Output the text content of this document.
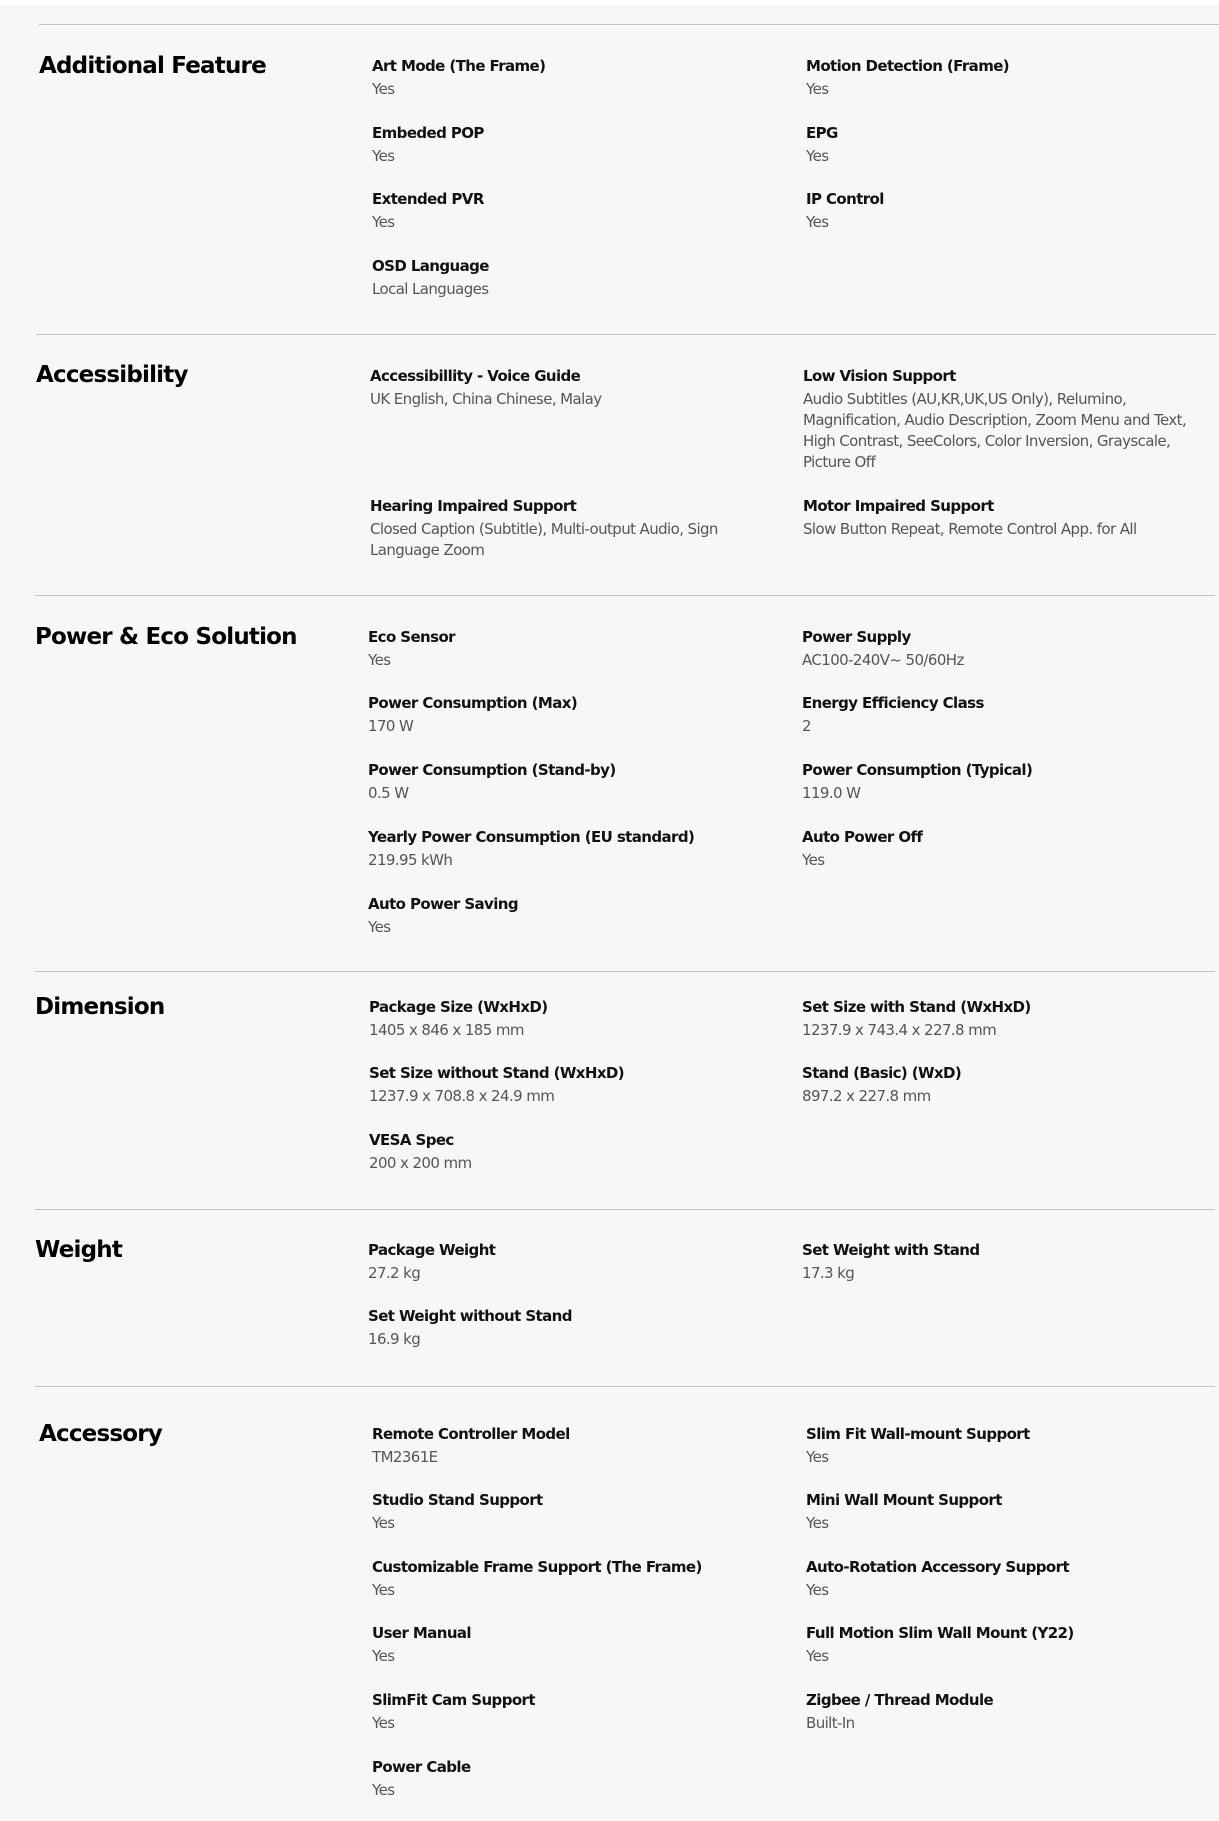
Additional Feature	Art Mode (The Frame)
Yes
Motion Detection (Frame)
Yes
Embeded POP
Yes
EPG
Yes
Extended PVR
Yes
IP Control
Yes
OSD Language
Local Languages
Accessibility	Accessibillity - Voice Guide
UK English, China Chinese, Malay
Low Vision Support
Audio Subtitles (AU,KR,UK,US Only), Relumino, Magnification, Audio Description, Zoom Menu and Text, High Contrast, SeeColors, Color Inversion, Grayscale, Picture Off
Hearing Impaired Support
Closed Caption (Subtitle), Multi-output Audio, Sign Language Zoom
Motor Impaired Support
Slow Button Repeat, Remote Control App. for All
Power & Eco Solution	Eco Sensor
Yes
Power Supply
AC100-240V~ 50/60Hz
Power Consumption (Max)
170 W
Energy Efficiency Class
2
Power Consumption (Stand-by)
0.5 W
Power Consumption (Typical)
119.0 W
Yearly Power Consumption (EU standard)
219.95 kWh
Auto Power Off
Yes
Auto Power Saving
Yes
Dimension	Package Size (WxHxD)
1405 x 846 x 185 mm
Set Size with Stand (WxHxD)
1237.9 x 743.4 x 227.8 mm
Set Size without Stand (WxHxD)
1237.9 x 708.8 x 24.9 mm
Stand (Basic) (WxD)
897.2 x 227.8 mm
VESA Spec
200 x 200 mm
Weight	Package Weight
27.2 kg
Set Weight with Stand
17.3 kg
Set Weight without Stand
16.9 kg
Accessory	Remote Controller Model
TM2361E
Slim Fit Wall-mount Support
Yes
Studio Stand Support
Yes
Mini Wall Mount Support
Yes
Customizable Frame Support (The Frame)
Yes
Auto-Rotation Accessory Support
Yes
User Manual
Yes
Full Motion Slim Wall Mount (Y22)
Yes
SlimFit Cam Support
Yes
Zigbee / Thread Module
Built-In
Power Cable
Yes
